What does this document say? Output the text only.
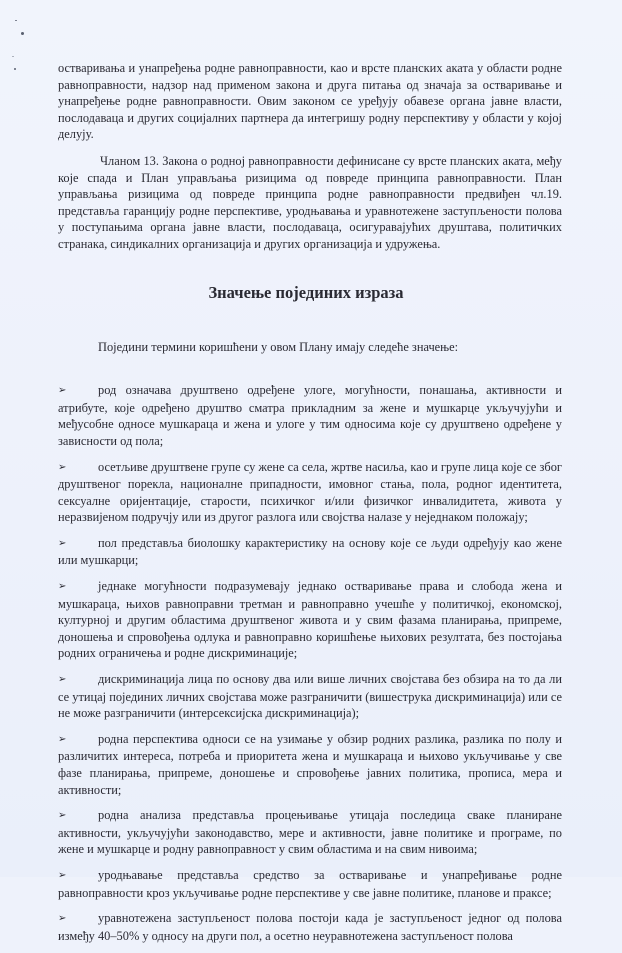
остваривања и унапређења родне равноправности, као и врсте планских аката у области родне равноправности, надзор над применом закона и друга питања од значаја за остваривање и унапређење родне равноправности. Овим законом се уређују обавезе органа јавне власти, послодаваца и других социјалних партнера да интегришу родну перспективу у области у којој делују.

Чланом 13. Закона о родној равноправности дефинисане су врсте планских аката, међу које спада и План управљања ризицима од повреде принципа равноправности. План управљања ризицима од повреде принципа родне равноправности предвиђен чл.19. представља гаранцију родне перспективе, уродњавања и уравнотежене заступљености полова у поступањима органа јавне власти, послодаваца, осигуравајућих друштава, политичких странака, синдикалних организација и других организација и удружења.

Значење појединих израза

Поједини термини коришћени у овом Плану имају следеће значење:

➢	род означава друштвено одређене улоге, могућности, понашања, активности и атрибуте, које одређено друштво сматра прикладним за жене и мушкарце укључујући и међусобне односе мушкараца и жена и улоге у тим односима које су друштвено одређене у зависности од пола;
➢	осетљиве друштвене групе су жене са села, жртве насиља, као и групе лица које се због друштвеног порекла, националне припадности, имовног стања, пола, родног идентитета, сексуалне оријентације, старости, психичког и/или физичког инвалидитета, живота у неразвијеном подручју или из другог разлога или својства налазе у неједнаком положају;
➢	пол представља биолошку карактеристику на основу које се људи одређују као жене или мушкарци;
➢	једнаке могућности подразумевају једнако остваривање права и слобода жена и мушкараца, њихов равноправни третман и равноправно учешће у политичкој, економској, културној и другим областима друштвеног живота и у свим фазама планирања, припреме, доношења и спровођења одлука и равноправно коришћење њихових резултата, без постојања родних ограничења и родне дискриминације;
➢	дискриминација лица по основу два или више личних својстава без обзира на то да ли се утицај појединих личних својстава може разграничити (вишеструка дискриминација) или се не може разграничити (интерсексијска дискриминација);
➢	родна перспектива односи се на узимање у обзир родних разлика, разлика по полу и различитих интереса, потреба и приоритета жена и мушкараца и њихово укључивање у све фазе планирања, припреме, доношење и спровођење јавних политика, прописа, мера и активности;
➢	родна анализа представља процењивање утицаја последица сваке планиране активности, укључујући законодавство, мере и активности, јавне политике и програме, по жене и мушкарце и родну равноправност у свим областима и на свим нивоима;
➢	уродњавање представља средство за остваривање и унапређивање родне равноправности кроз укључивање родне перспективе у све јавне политике, планове и праксе;
➢	уравнотежена заступљеност полова постоји када је заступљеност једног од полова између 40–50% у односу на други пол, а осетно неуравнотежена заступљеност полова
